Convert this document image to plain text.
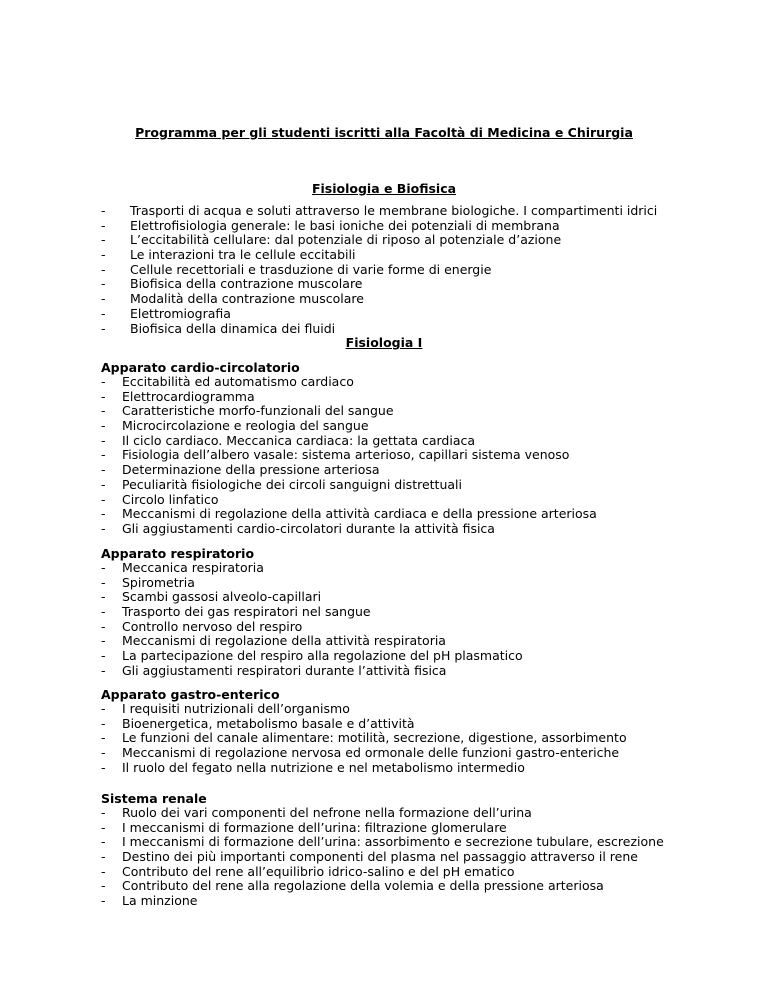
Programma per gli studenti iscritti alla Facoltà di Medicina e Chirurgia
Fisiologia e Biofisica
- Trasporti di acqua e soluti attraverso le membrane biologiche. I compartimenti idrici
- Elettrofisiologia generale: le basi ioniche dei potenziali di membrana
- L’eccitabilità cellulare: dal potenziale di riposo al potenziale d’azione
- Le interazioni tra le cellule eccitabili
- Cellule recettoriali e trasduzione di varie forme di energie
- Biofisica della contrazione muscolare
- Modalità della contrazione muscolare
- Elettromiografia
- Biofisica della dinamica dei fluidi
Fisiologia I
Apparato cardio-circolatorio
- Eccitabilità ed automatismo cardiaco
- Elettrocardiogramma
- Caratteristiche morfo-funzionali del sangue
- Microcircolazione e reologia del sangue
- Il ciclo cardiaco. Meccanica cardiaca: la gettata cardiaca
- Fisiologia dell’albero vasale: sistema arterioso, capillari sistema venoso
- Determinazione della pressione arteriosa
- Peculiarità fisiologiche dei circoli sanguigni distrettuali
- Circolo linfatico
- Meccanismi di regolazione della attività cardiaca e della pressione arteriosa
- Gli aggiustamenti cardio-circolatori durante la attività fisica
Apparato respiratorio
- Meccanica respiratoria
- Spirometria
- Scambi gassosi alveolo-capillari
- Trasporto dei gas respiratori nel sangue
- Controllo nervoso del respiro
- Meccanismi di regolazione della attività respiratoria
- La partecipazione del respiro alla regolazione del pH plasmatico
- Gli aggiustamenti respiratori durante l’attività fisica
Apparato gastro-enterico
- I requisiti nutrizionali dell’organismo
- Bioenergetica, metabolismo basale e d’attività
- Le funzioni del canale alimentare: motilità, secrezione, digestione, assorbimento
- Meccanismi di regolazione nervosa ed ormonale delle funzioni gastro-enteriche
- Il ruolo del fegato nella nutrizione e nel metabolismo intermedio
Sistema renale
- Ruolo dei vari componenti del nefrone nella formazione dell’urina
- I meccanismi di formazione dell’urina: filtrazione glomerulare
- I meccanismi di formazione dell’urina: assorbimento e secrezione tubulare, escrezione
- Destino dei più importanti componenti del plasma nel passaggio attraverso il rene
- Contributo del rene all’equilibrio idrico-salino e del pH ematico
- Contributo del rene alla regolazione della volemia e della pressione arteriosa
- La minzione
